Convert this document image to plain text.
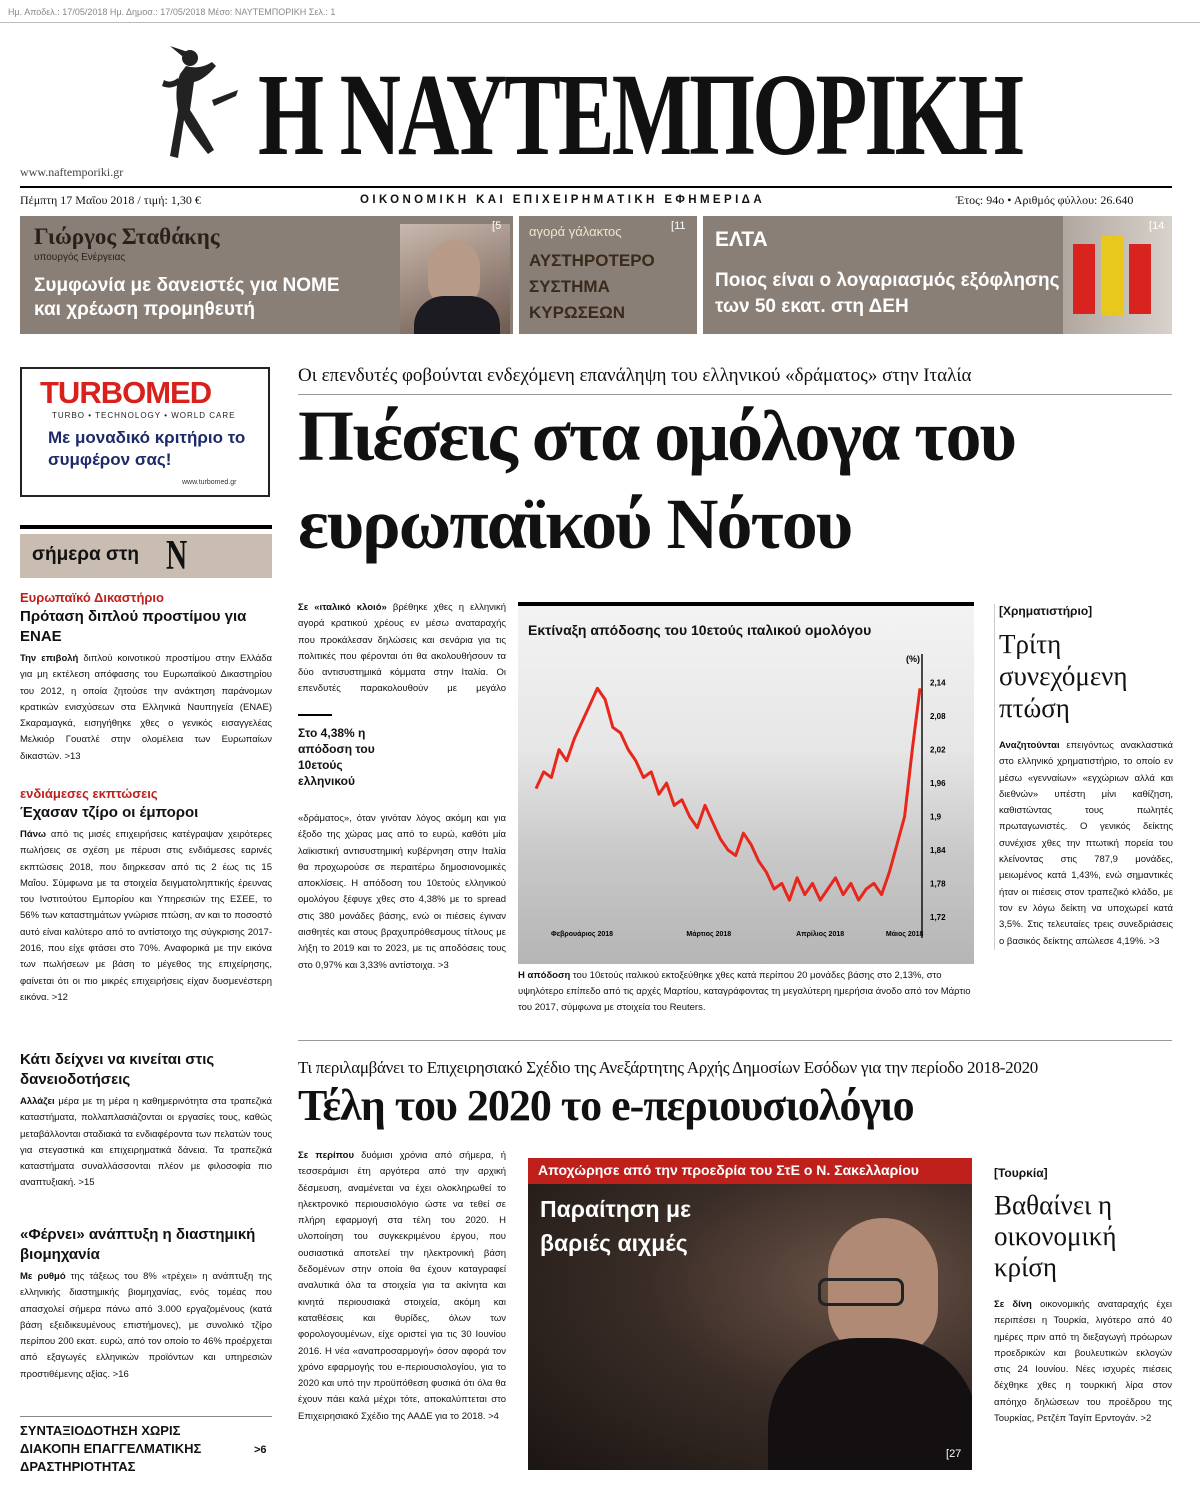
Ημ. Αποδελ.: 17/05/2018 Ημ. Δημοσ.: 17/05/2018 Μέσο: ΝΑΥΤΕΜΠΟΡΙΚΗ Σελ.: 1
Η ΝΑΥΤΕΜΠΟΡΙΚΗ
www.naftemporiki.gr
Πέμπτη 17 Μαΐου 2018 / τιμή: 1,30 €	ΟΙΚΟΝΟΜΙΚΗ ΚΑΙ ΕΠΙΧΕΙΡΗΜΑΤΙΚΗ ΕΦΗΜΕΡΙΔΑ	Έτος: 94ο • Αριθμός φύλλου: 26.640
Γιώργος Σταθάκης
υπουργός Ενέργειας
Συμφωνία με δανειστές για ΝΟΜΕ και χρέωση προμηθευτή
[5 αγορά γάλακτος
ΑΥΣΤΗΡΟΤΕΡΟ ΣΥΣΤΗΜΑ ΚΥΡΩΣΕΩΝ
[11
ΕΛΤΑ
Ποιος είναι ο λογαριασμός εξόφλησης των 50 εκατ. στη ΔΕΗ
[14
TURBOMED
TURBO • TECHNOLOGY • WORLD CARE
Με μοναδικό κριτήριο το συμφέρον σας!
www.turbomed.gr
σήμερα στη Ν
Ευρωπαϊκό Δικαστήριο
Πρόταση διπλού προστίμου για ΕΝΑΕ

Την επιβολή διπλού κοινοτικού προστίμου στην Ελλάδα για μη εκτέλεση απόφασης του Ευρωπαϊκού Δικαστηρίου του 2012, η οποία ζητούσε την ανάκτηση παράνομων κρατικών ενισχύσεων στα Ελληνικά Ναυπηγεία (ΕΝΑΕ) Σκαραμαγκά, εισηγήθηκε χθες ο γενικός εισαγγελέας Μελκιόρ Γουατλέ στην ολομέλεια των Ευρωπαίων δικαστών. >13

ενδιάμεσες εκπτώσεις
Έχασαν τζίρο οι έμποροι

Πάνω από τις μισές επιχειρήσεις κατέγραψαν χειρότερες πωλήσεις σε σχέση με πέρυσι στις ενδιάμεσες εαρινές εκπτώσεις 2018, που διηρκεσαν από τις 2 έως τις 15 Μαΐου. Σύμφωνα με τα στοιχεία δειγματοληπτικής έρευνας του Ινστιτούτου Εμπορίου και Υπηρεσιών της ΕΣΕΕ, το 56% των καταστημάτων γνώρισε πτώση, αν και το ποσοστό αυτό είναι καλύτερο από το αντίστοιχο της σύγκρισης 2017-2016, που είχε φτάσει στο 70%. Αναφορικά με την εικόνα των πωλήσεων με βάση το μέγεθος της επιχείρησης, φαίνεται ότι οι πιο μικρές επιχειρήσεις είχαν δυσμενέστερη εικόνα. >12

Κάτι δείχνει να κινείται στις δανειοδοτήσεις

Αλλάζει μέρα με τη μέρα η καθημερινότητα στα τραπεζικά καταστήματα, πολλαπλασιάζονται οι εργασίες τους, καθώς μεταβάλλονται σταδιακά τα ενδιαφέροντα των πελατών τους για στεγαστικά και επιχειρηματικά δάνεια. Τα τραπεζικά καταστήματα συναλλάσσονται πλέον με φιλοσοφία πιο αναπτυξιακή. >15

«Φέρνει» ανάπτυξη η διαστημική βιομηχανία

Με ρυθμό της τάξεως του 8% «τρέχει» η ανάπτυξη της ελληνικής διαστημικής βιομηχανίας, ενός τομέας που απασχολεί σήμερα πάνω από 3.000 εργαζομένους (κατά βάση εξειδικευμένους επιστήμονες), με συνολικό τζίρο περίπου 200 εκατ. ευρώ, από τον οποίο το 46% προέρχεται από εξαγωγές ελληνικών προϊόντων και υπηρεσιών προστιθέμενης αξίας. >16

ΣΥΝΤΑΞΙΟΔΟΤΗΣΗ ΧΩΡΙΣ ΔΙΑΚΟΠΗ ΕΠΑΓΓΕΛΜΑΤΙΚΗΣ ΔΡΑΣΤΗΡΙΟΤΗΤΑΣ
>6
Οι επενδυτές φοβούνται ενδεχόμενη επανάληψη του ελληνικού «δράματος» στην Ιταλία
Πιέσεις στα ομόλογα του ευρωπαϊκού Νότου

Σε «ιταλικό κλοιό» βρέθηκε χθες η ελληνική αγορά κρατικού χρέους εν μέσω αναταραχής που προκάλεσαν δηλώσεις και σενάρια για τις πολιτικές που φέρονται ότι θα ακολουθήσουν τα δύο αντισυστημικά κόμματα στην Ιταλία. Οι επενδυτές παρακολουθούν με μεγάλο

Στο 4,38% η απόδοση του 10ετούς ελληνικού

«δράματος», όταν γινόταν λόγος ακόμη και για έξοδο της χώρας μας από το ευρώ, καθότι μία λαϊκιστική αντισυστημική κυβέρνηση στην Ιταλία θα προχωρούσε σε περαιτέρω δημοσιονομικές αποκλίσεις. Η απόδοση του 10ετούς ελληνικού ομολόγου ξέφυγε χθες στο 4,38% με το spread στις 380 μονάδες βάσης, ενώ οι πιέσεις έγιναν αισθητές και στους βραχυπρόθεσμους τίτλους με λήξη το 2019 και το 2023, με τις αποδόσεις τους στο 0,97% και 3,33% αντίστοιχα. >3

Εκτίναξη απόδοσης του 10ετούς ιταλικού ομολόγου
(%)
2,14
2,08
2,02
1,96
1,9
1,84
1,78
1,72
Φεβρουάριος 2018	Μάρτιος 2018	Απρίλιος 2018	Μάιος 2018
Η απόδοση του 10ετούς ιταλικού εκτοξεύθηκε χθες κατά περίπου 20 μονάδες βάσης στο 2,13%, στο υψηλότερο επίπεδο από τις αρχές Μαρτίου, καταγράφοντας τη μεγαλύτερη ημερήσια άνοδο από τον Μάρτιο του 2017, σύμφωνα με στοιχεία του Reuters.
[Χρηματιστήριο]
Τρίτη συνεχόμενη πτώση

Αναζητούνται επειγόντως ανακλαστικά στο ελληνικό χρηματιστήριο, το οποίο εν μέσω «γενναίων» «εγχώριων αλλά και διεθνών» υπέστη μίνι καθίζηση, καθιστώντας τους πωλητές πρωταγωνιστές. Ο γενικός δείκτης συνέχισε χθες την πτωτική πορεία του κλείνοντας στις 787,9 μονάδες, μειωμένος κατά 1,43%, ενώ σημαντικές ήταν οι πιέσεις στον τραπεζικό κλάδο, με τον εν λόγω δείκτη να υποχωρεί κατά 3,5%. Στις τελευταίες τρεις συνεδριάσεις ο βασικός δείκτης απώλεσε 4,19%. >3

Τι περιλαμβάνει το Επιχειρησιακό Σχέδιο της Ανεξάρτητης Αρχής Δημοσίων Εσόδων για την περίοδο 2018-2020
Τέλη του 2020 το e-περιουσιολόγιο

Σε περίπου δυόμισι χρόνια από σήμερα, ή τεσσεράμισι έτη αργότερα από την αρχική δέσμευση, αναμένεται να έχει ολοκληρωθεί το ηλεκτρονικό περιουσιολόγιο ώστε να τεθεί σε πλήρη εφαρμογή στα τέλη του 2020. Η υλοποίηση του συγκεκριμένου έργου, που ουσιαστικά αποτελεί την ηλεκτρονική βάση δεδομένων στην οποία θα έχουν καταγραφεί αναλυτικά όλα τα στοιχεία για τα ακίνητα και κινητά περιουσιακά στοιχεία, ακόμη και καταθέσεις και θυρίδες, όλων των φορολογουμένων, είχε οριστεί για τις 30 Ιουνίου 2016. Η νέα «αναπροσαρμογή» όσον αφορά τον χρόνο εφαρμογής του e-περιουσιολογίου, για το 2020 και υπό την προϋπόθεση φυσικά ότι όλα θα έχουν πάει καλά μέχρι τότε, αποκαλύπτεται στο Επιχειρησιακό Σχέδιο της ΑΑΔΕ για το 2018. >4

Αποχώρησε από την προεδρία του ΣτΕ ο Ν. Σακελλαρίου
Παραίτηση με βαριές αιχμές
[27
[Τουρκία]
Βαθαίνει η οικονομική κρίση

Σε δίνη οικονομικής αναταραχής έχει περιπέσει η Τουρκία, λιγότερο από 40 ημέρες πριν από τη διεξαγωγή πρόωρων προεδρικών και βουλευτικών εκλογών στις 24 Ιουνίου. Νέες ισχυρές πιέσεις δέχθηκε χθες η τουρκική λίρα στον απόηχο δηλώσεων του προέδρου της Τουρκίας, Ρετζέπ Ταγίπ Ερντογάν. >2
